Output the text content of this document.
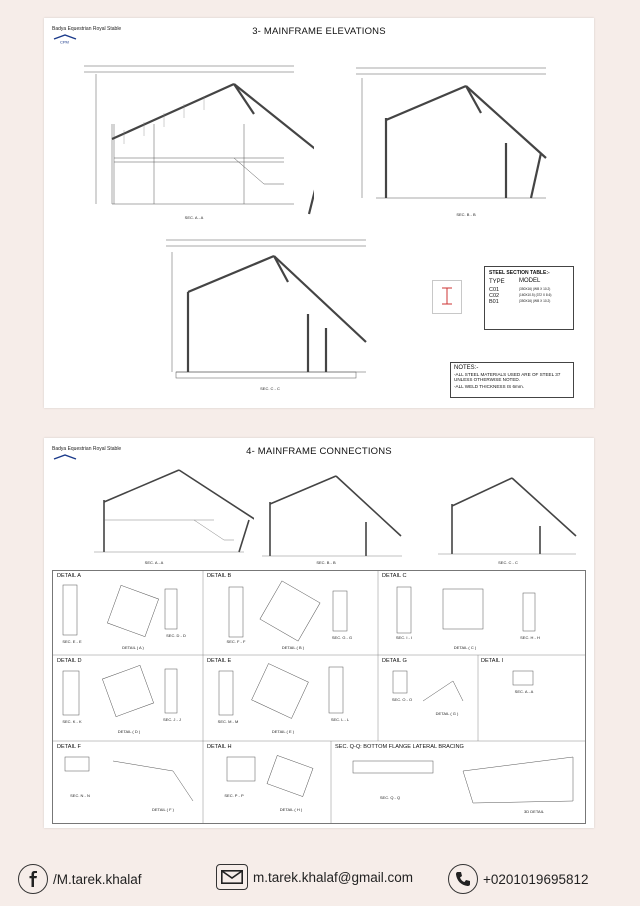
Badya Equestrian Royal Stable
CPM
3- MAINFRAME ELEVATIONS
SEC. A - A
SEC. B - B
SEC. C - C
STEEL SECTION TABLE:-
TYPE	MODEL
C01	(350X16) (WB X 10.2)
C02	(160X10.5) (372 X 8.6)
B01	(350X16) (WB X 10.2)
NOTES:-
-ALL STEEL MATERIALS USED ARE OF STEEL 37 UNLESS OTHERWISE NOTED.
-ALL WELD THICKNESS IS 6mm.
Badya Equestrian Royal Stable	4- MAINFRAME CONNECTIONS
SEC. A - A	SEC. B - B	SEC. C - C
DETAIL A	DETAIL B	DETAIL C
DETAIL D	DETAIL E	DETAIL G	DETAIL I
DETAIL F	DETAIL H	SEC. Q-Q: BOTTOM FLANGE LATERAL BRACING
SEC. E - E
DETAIL ( A )
SEC. D - D
SEC. F - F
DETAIL ( B )
SEC. G - G	SEC. I - I
DETAIL ( C )
SEC. H - H
SEC. K - K
DETAIL ( D )
SEC. J - J	SEC. M - M
DETAIL ( E )
SEC. L - L
SEC. O - O
DETAIL ( G )
SEC. A - A
SEC. N - N
DETAIL ( F )
SEC. P - P
DETAIL ( H )
SEC. Q - Q
3D DETAIL
/M.tarek.khalaf	m.tarek.khalaf@gmail.com	+0201019695812
